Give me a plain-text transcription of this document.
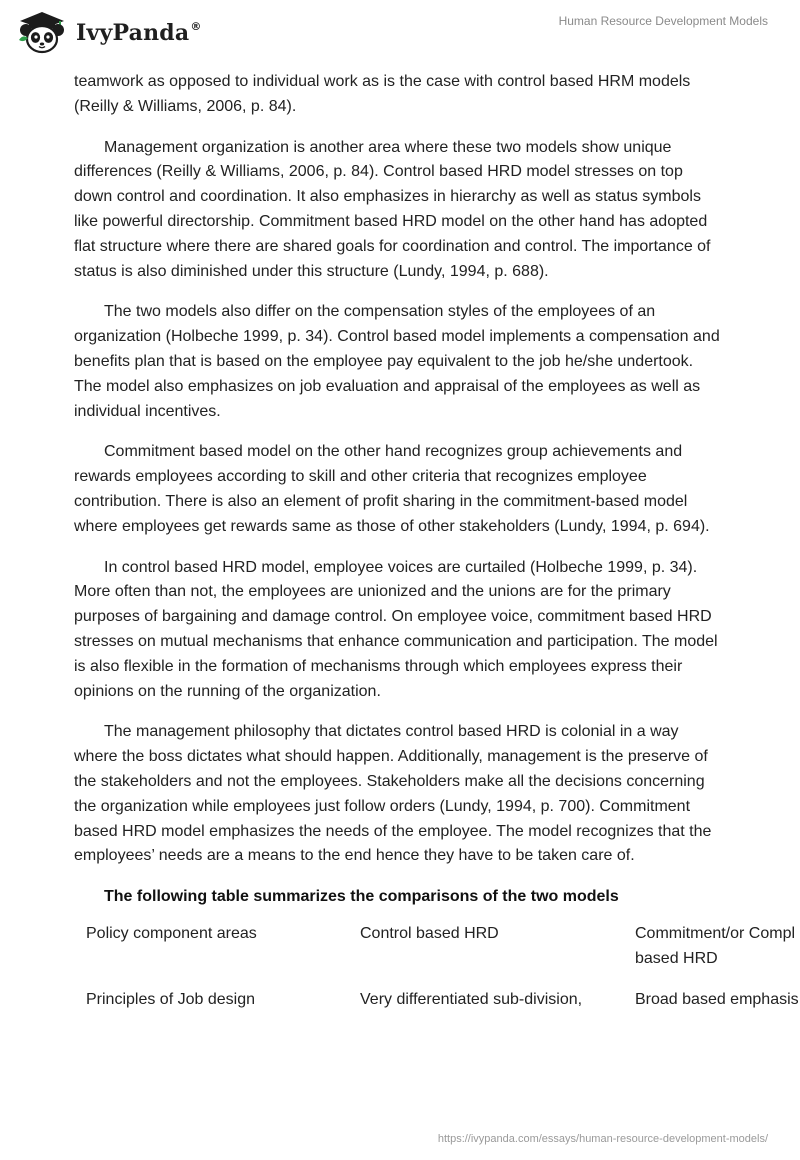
IvyPanda®	Human Resource Development Models

teamwork as opposed to individual work as is the case with control based HRM models (Reilly & Williams, 2006, p. 84).

Management organization is another area where these two models show unique differences (Reilly & Williams, 2006, p. 84). Control based HRD model stresses on top down control and coordination. It also emphasizes in hierarchy as well as status symbols like powerful directorship. Commitment based HRD model on the other hand has adopted flat structure where there are shared goals for coordination and control. The importance of status is also diminished under this structure (Lundy, 1994, p. 688).

The two models also differ on the compensation styles of the employees of an organization (Holbeche 1999, p. 34). Control based model implements a compensation and benefits plan that is based on the employee pay equivalent to the job he/she undertook. The model also emphasizes on job evaluation and appraisal of the employees as well as individual incentives.

Commitment based model on the other hand recognizes group achievements and rewards employees according to skill and other criteria that recognizes employee contribution. There is also an element of profit sharing in the commitment-based model where employees get rewards same as those of other stakeholders (Lundy, 1994, p. 694).

In control based HRD model, employee voices are curtailed (Holbeche 1999, p. 34). More often than not, the employees are unionized and the unions are for the primary purposes of bargaining and damage control. On employee voice, commitment based HRD stresses on mutual mechanisms that enhance communication and participation. The model is also flexible in the formation of mechanisms through which employees express their opinions on the running of the organization.

The management philosophy that dictates control based HRD is colonial in a way where the boss dictates what should happen. Additionally, management is the preserve of the stakeholders and not the employees. Stakeholders make all the decisions concerning the organization while employees just follow orders (Lundy, 1994, p. 700). Commitment based HRD model emphasizes the needs of the employee. The model recognizes that the employees’ needs are a means to the end hence they have to be taken care of.

The following table summarizes the comparisons of the two models
Policy component areas	Control based HRD	Commitment/or Compl based HRD
Principles of Job design	Very differentiated sub-division,	Broad based emphasis
https://ivypanda.com/essays/human-resource-development-models/
